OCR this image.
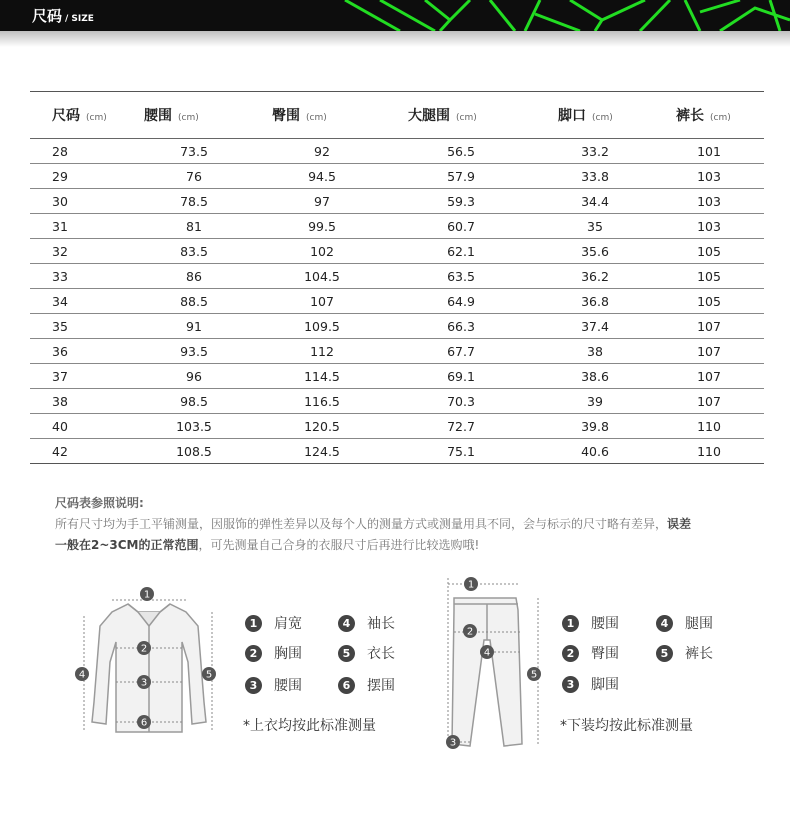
尺码 / SIZE
尺码 (cm)	腰围 (cm)	臀围 (cm)	大腿围 (cm)	脚口 (cm)	裤长 (cm)
28	73.5	92	56.5	33.2	101
29	76	94.5	57.9	33.8	103
30	78.5	97	59.3	34.4	103
31	81	99.5	60.7	35	103
32	83.5	102	62.1	35.6	105
33	86	104.5	63.5	36.2	105
34	88.5	107	64.9	36.8	105
35	91	109.5	66.3	37.4	107
36	93.5	112	67.7	38	107
37	96	114.5	69.1	38.6	107
38	98.5	116.5	70.3	39	107
40	103.5	120.5	72.7	39.8	110
42	108.5	124.5	75.1	40.6	110
尺码表参照说明:
所有尺寸均为手工平铺测量，因服饰的弹性差异以及每个人的测量方式或测量用具不同，会与标示的尺寸略有差异，误差
一般在2~3CM的正常范围，可先测量自己合身的衣服尺寸后再进行比较选购哦!
1
2
3
4	5
6
1	肩宽	4	袖长
2	胸围	5	衣长
3	腰围	6	摆围
*上衣均按此标准测量
1
2
3
4
5
1	腰围	4	腿围
2	臀围	5	裤长
3	脚围
*下装均按此标准测量
